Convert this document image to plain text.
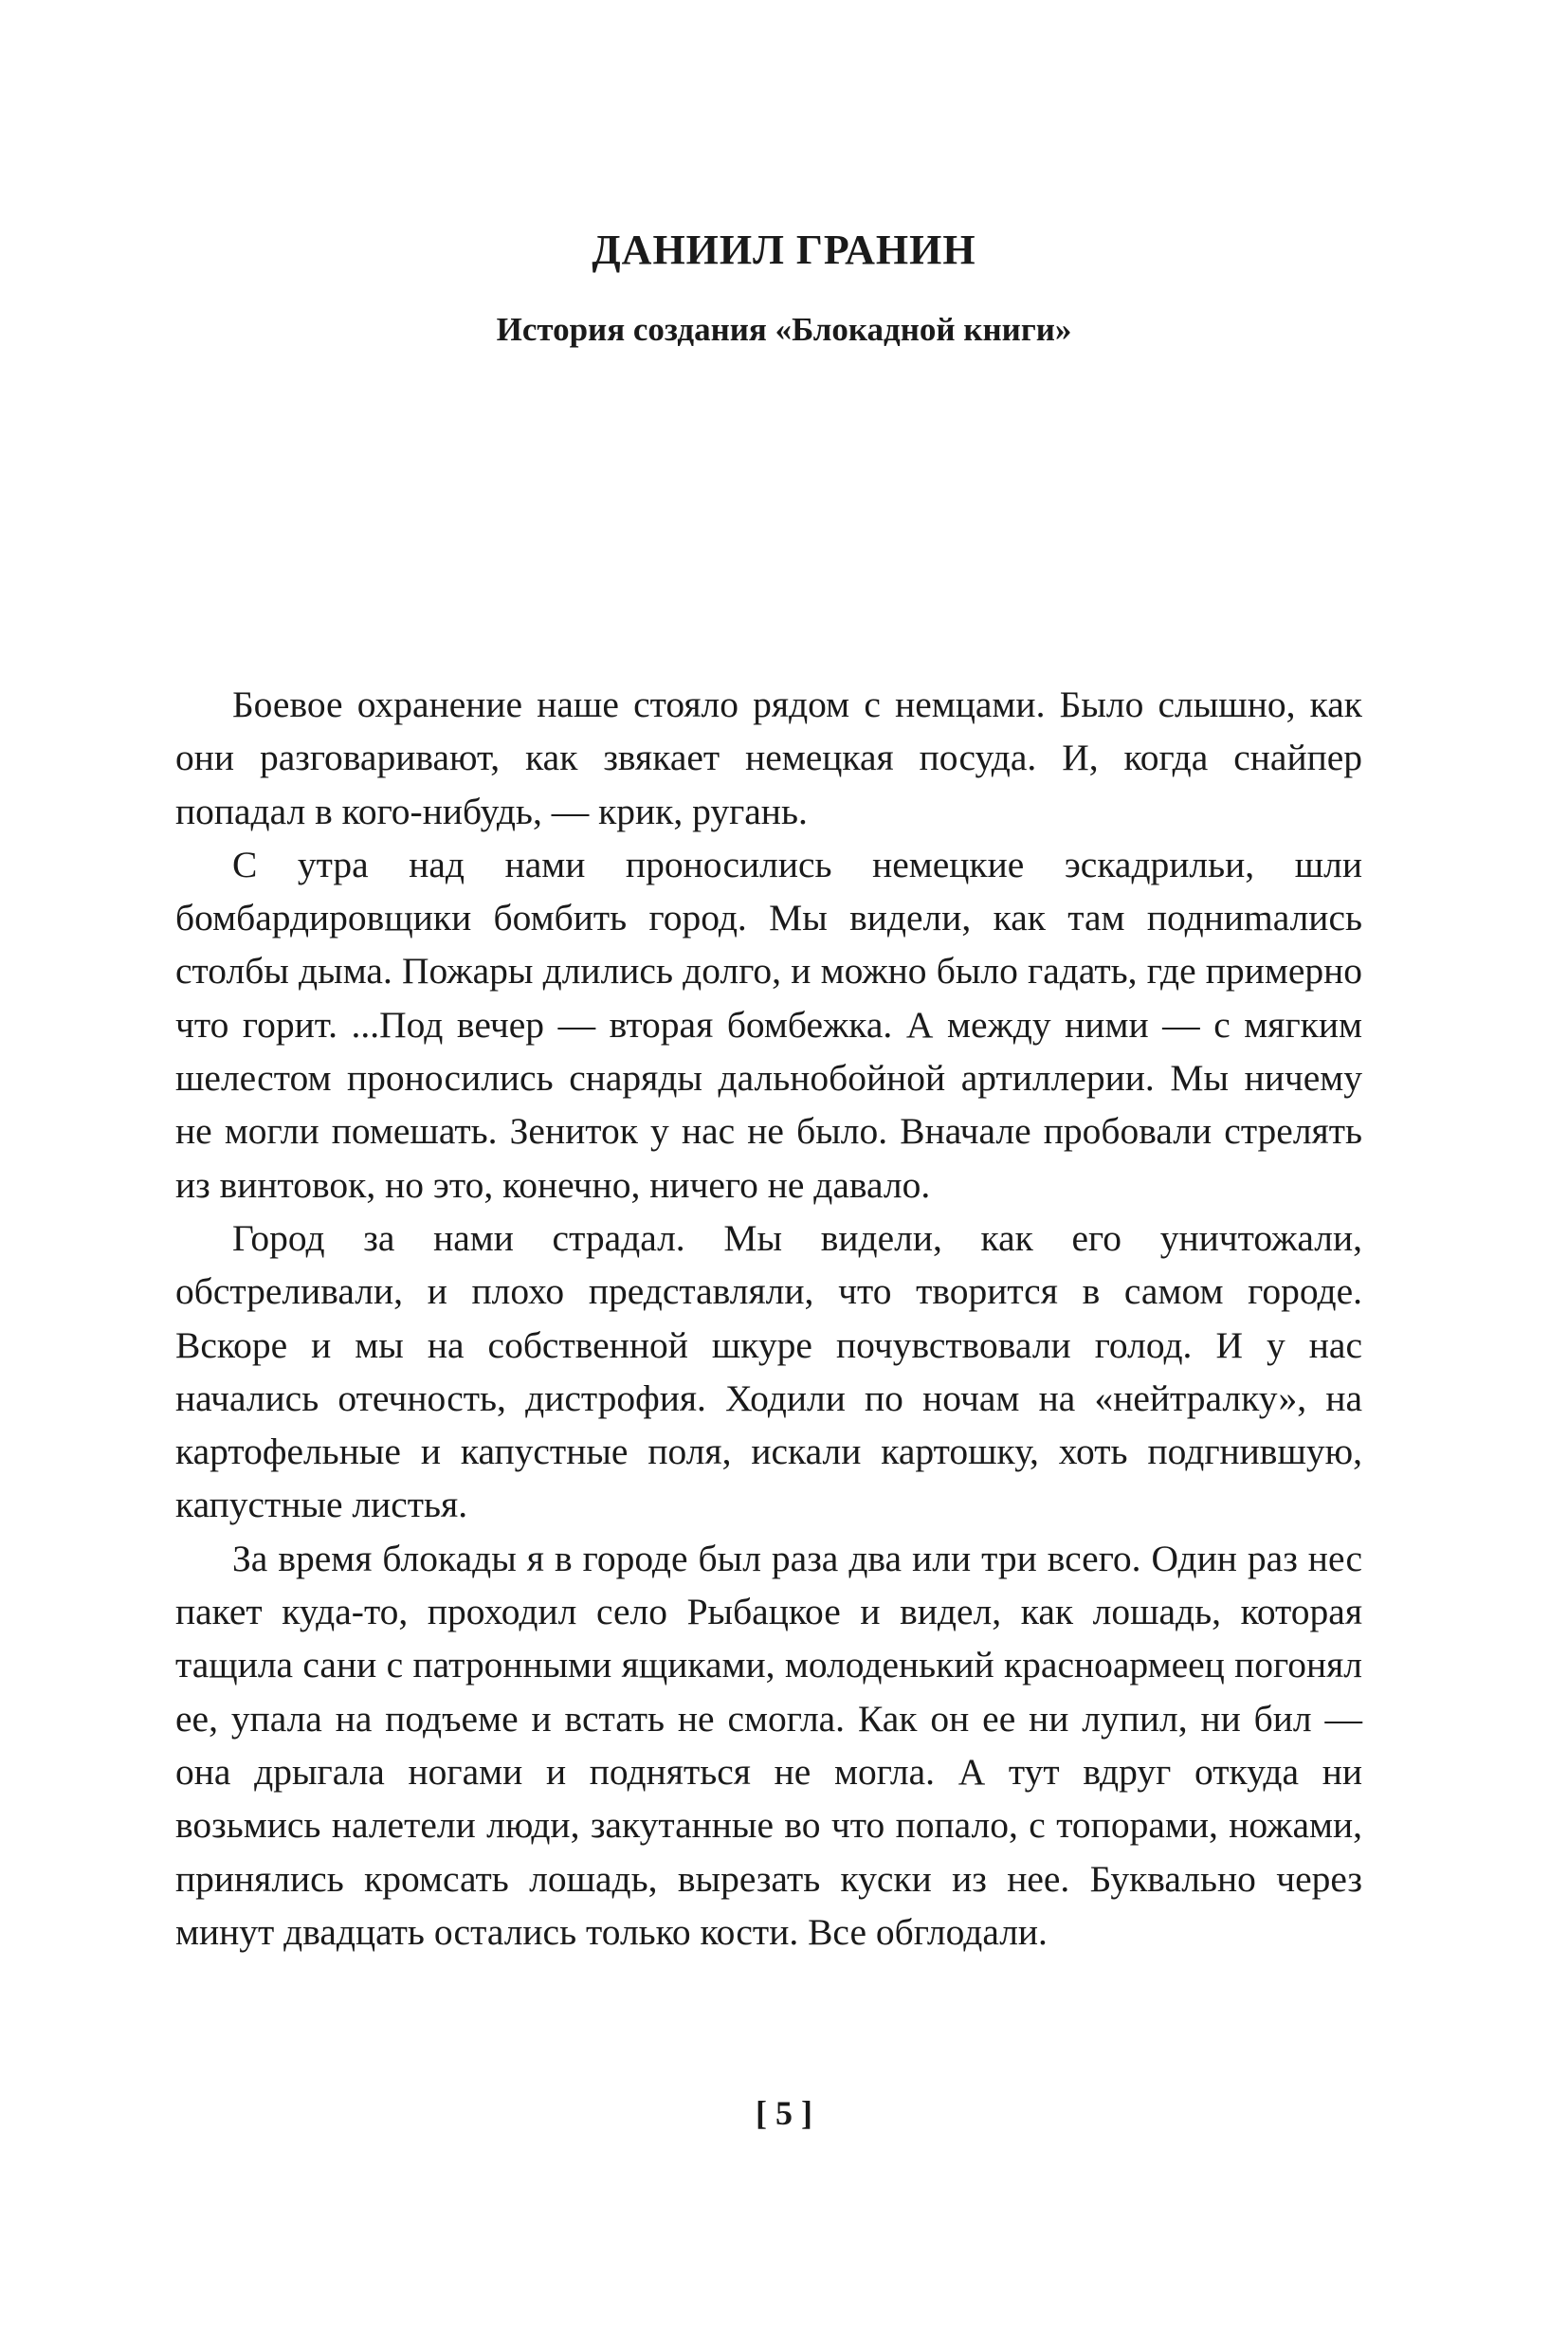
ДАНИИЛ ГРАНИН
История создания «Блокадной книги»

Боевое охранение наше стояло рядом с немцами. Было слышно, как они разговаривают, как звякает немецкая посуда. И, когда снайпер попадал в кого-нибудь, — крик, ругань.

С утра над нами проносились немецкие эскадрильи, шли бомбардировщики бомбить город. Мы видели, как там подниmались столбы дыма. Пожары длились долго, и можно было гадать, где примерно что горит. ...Под вечер — вторая бомбежка. А между ними — с мягким шелестом проносились снаряды дальнобойной артиллерии. Мы ничему не могли помешать. Зениток у нас не было. Вначале пробовали стрелять из винтовок, но это, конечно, ничего не давало.

Город за нами страдал. Мы видели, как его уничтожали, обстреливали, и плохо представляли, что творится в самом городе. Вскоре и мы на собственной шкуре почувствовали голод. И у нас начались отечность, дистрофия. Ходили по ночам на «нейтралку», на картофельные и капустные поля, искали картошку, хоть подгнившую, капустные листья.

За время блокады я в городе был раза два или три всего. Один раз нес пакет куда-то, проходил село Рыбацкое и видел, как лошадь, которая тащила сани с патронными ящиками, молоденький красноармеец погонял ее, упала на подъеме и встать не смогла. Как он ее ни лупил, ни бил — она дрыгала ногами и подняться не могла. А тут вдруг откуда ни возьмись налетели люди, закутанные во что попало, с топорами, ножами, принялись кромсать лошадь, вырезать куски из нее. Буквально через минут двадцать остались только кости. Все обглодали.

[ 5 ]
